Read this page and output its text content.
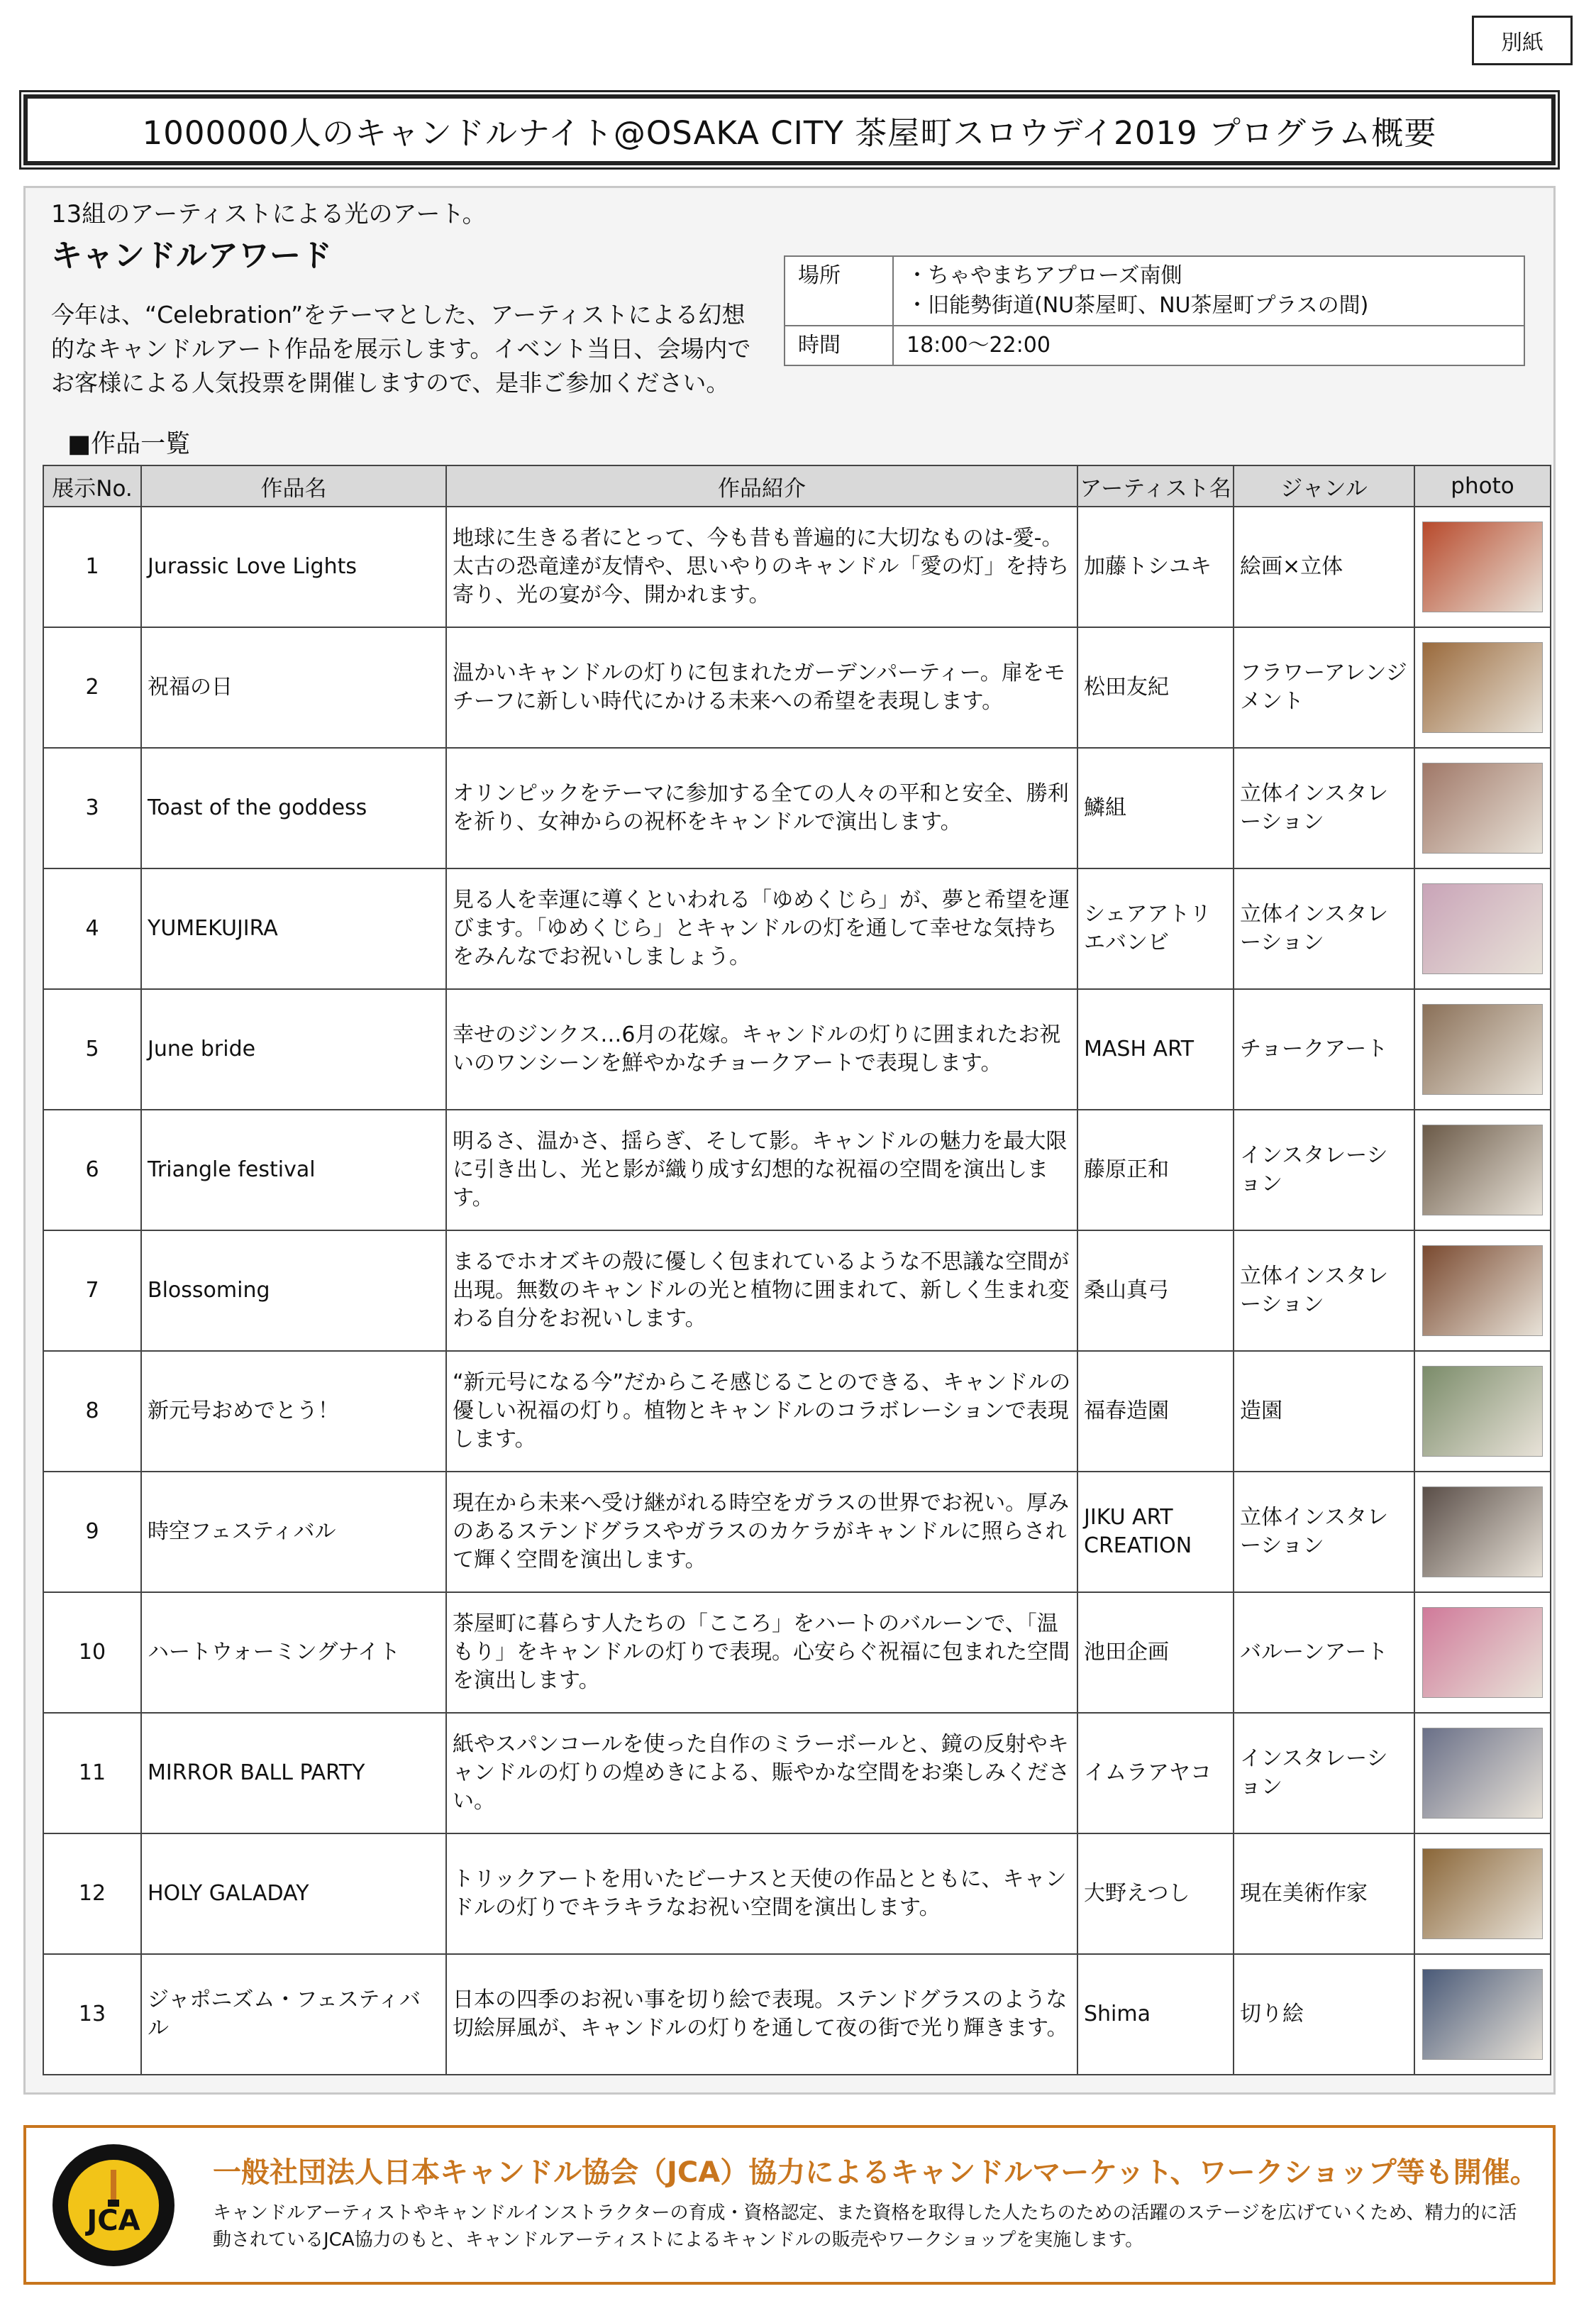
別紙
1000000人のキャンドルナイト@OSAKA CITY 茶屋町スロウデイ2019 プログラム概要
13組のアーティストによる光のアート。
キャンドルアワード
今年は、“Celebration”をテーマとした、アーティストによる幻想的なキャンドルアート作品を展示します。イベント当日、会場内でお客様による人気投票を開催しますので、是非ご参加ください。
場所	・ちゃやまちアプローズ南側
・旧能勢街道(NU茶屋町、NU茶屋町プラスの間)

時間	18:00～22:00
■作品一覧
展示No.	作品名	作品紹介	アーティスト名	ジャンル	photo
1	Jurassic Love Lights	地球に生きる者にとって、今も昔も普遍的に大切なものは-愛-。太古の恐竜達が友情や、思いやりのキャンドル「愛の灯」を持ち寄り、光の宴が今、開かれます。	加藤トシユキ	絵画×立体	

2	祝福の日	温かいキャンドルの灯りに包まれたガーデンパーティー。扉をモチーフに新しい時代にかける未来への希望を表現します。	松田友紀	フラワーアレンジメント	

3	Toast of the goddess	オリンピックをテーマに参加する全ての人々の平和と安全、勝利を祈り、女神からの祝杯をキャンドルで演出します。	鱗組	立体インスタレーション	

4	YUMEKUJIRA	見る人を幸運に導くといわれる「ゆめくじら」が、夢と希望を運びます。「ゆめくじら」とキャンドルの灯を通して幸せな気持ちをみんなでお祝いしましょう。	シェアアトリエバンビ	立体インスタレーション	

5	June bride	幸せのジンクス…6月の花嫁。キャンドルの灯りに囲まれたお祝いのワンシーンを鮮やかなチョークアートで表現します。	MASH ART	チョークアート	

6	Triangle festival	明るさ、温かさ、揺らぎ、そして影。キャンドルの魅力を最大限に引き出し、光と影が織り成す幻想的な祝福の空間を演出します。	藤原正和	インスタレーション	

7	Blossoming	まるでホオズキの殻に優しく包まれているような不思議な空間が出現。無数のキャンドルの光と植物に囲まれて、新しく生まれ変わる自分をお祝いします。	桑山真弓	立体インスタレーション	

8	新元号おめでとう！	“新元号になる今”だからこそ感じることのできる、キャンドルの優しい祝福の灯り。植物とキャンドルのコラボレーションで表現します。	福春造園	造園	

9	時空フェスティバル	現在から未来へ受け継がれる時空をガラスの世界でお祝い。厚みのあるステンドグラスやガラスのカケラがキャンドルに照らされて輝く空間を演出します。	JIKU ART CREATION	立体インスタレーション	

10	ハートウォーミングナイト	茶屋町に暮らす人たちの「こころ」をハートのバルーンで、「温もり」をキャンドルの灯りで表現。心安らぐ祝福に包まれた空間を演出します。	池田企画	バルーンアート	

11	MIRROR BALL PARTY	紙やスパンコールを使った自作のミラーボールと、鏡の反射やキャンドルの灯りの煌めきによる、賑やかな空間をお楽しみください。	イムラアヤコ	インスタレーション	

12	HOLY GALADAY	トリックアートを用いたビーナスと天使の作品とともに、キャンドルの灯りでキラキラなお祝い空間を演出します。	大野えつし	現在美術作家	

13	ジャポニズム・フェスティバル	日本の四季のお祝い事を切り絵で表現。ステンドグラスのような切絵屏風が、キャンドルの灯りを通して夜の街で光り輝きます。	Shima	切り絵	
JCA
一般社団法人日本キャンドル協会（JCA）協力によるキャンドルマーケット、ワークショップ等も開催。
キャンドルアーティストやキャンドルインストラクターの育成・資格認定、また資格を取得した人たちのための活躍のステージを広げていくため、精力的に活動されているJCA協力のもと、キャンドルアーティストによるキャンドルの販売やワークショップを実施します。
